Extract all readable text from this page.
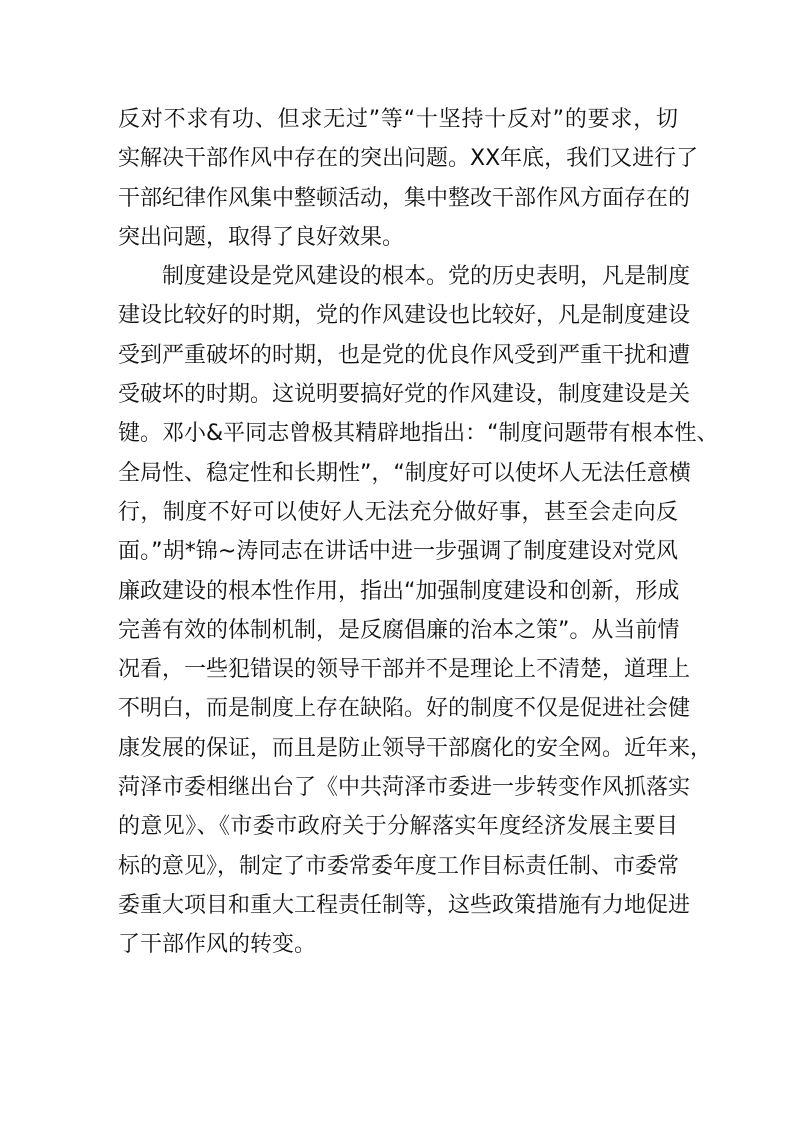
反对不求有功、但求无过”等“十坚持十反对”的要求，切
实解决干部作风中存在的突出问题。XX年底，我们又进行了
干部纪律作风集中整顿活动，集中整改干部作风方面存在的
突出问题，取得了良好效果。
制度建设是党风建设的根本。党的历史表明，凡是制度
建设比较好的时期，党的作风建设也比较好，凡是制度建设
受到严重破坏的时期，也是党的优良作风受到严重干扰和遭
受破坏的时期。这说明要搞好党的作风建设，制度建设是关
键。邓小&平同志曾极其精辟地指出：“制度问题带有根本性、
全局性、稳定性和长期性”，“制度好可以使坏人无法任意横
行，制度不好可以使好人无法充分做好事，甚至会走向反
面。”胡*锦~涛同志在讲话中进一步强调了制度建设对党风
廉政建设的根本性作用，指出“加强制度建设和创新，形成
完善有效的体制机制，是反腐倡廉的治本之策”。从当前情
况看，一些犯错误的领导干部并不是理论上不清楚，道理上
不明白，而是制度上存在缺陷。好的制度不仅是促进社会健
康发展的保证，而且是防止领导干部腐化的安全网。近年来，
菏泽市委相继出台了《中共菏泽市委进一步转变作风抓落实
的意见》、《市委市政府关于分解落实年度经济发展主要目
标的意见》，制定了市委常委年度工作目标责任制、市委常
委重大项目和重大工程责任制等，这些政策措施有力地促进
了干部作风的转变。
